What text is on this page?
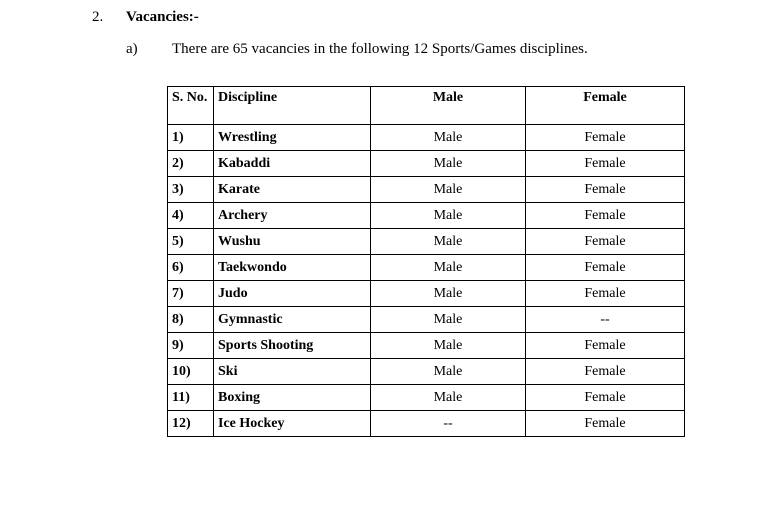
2. Vacancies:-
a) There are 65 vacancies in the following 12 Sports/Games disciplines.
S. No.	Discipline	Male	Female
1)	Wrestling	Male	Female
2)	Kabaddi	Male	Female
3)	Karate	Male	Female
4)	Archery	Male	Female
5)	Wushu	Male	Female
6)	Taekwondo	Male	Female
7)	Judo	Male	Female
8)	Gymnastic	Male	--
9)	Sports Shooting	Male	Female
10)	Ski	Male	Female
11)	Boxing	Male	Female
12)	Ice Hockey	--	Female
